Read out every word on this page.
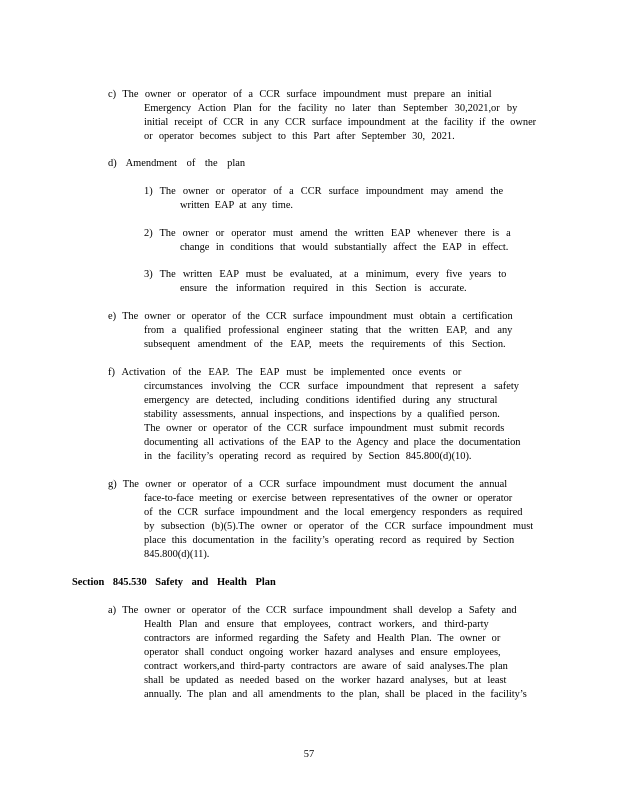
c) The owner or operator of a CCR surface impoundment must prepare an initial
Emergency Action Plan for the facility no later than September 30,2021,or by
initial receipt of CCR in any CCR surface impoundment at the facility if the owner
or operator becomes subject to this Part after September 30, 2021.
d) Amendment of the plan
1) The owner or operator of a CCR surface impoundment may amend the
written EAP at any time.
2) The owner or operator must amend the written EAP whenever there is a
change in conditions that would substantially affect the EAP in effect.
3) The written EAP must be evaluated, at a minimum, every five years to
ensure the information required in this Section is accurate.
e) The owner or operator of the CCR surface impoundment must obtain a certification
from a qualified professional engineer stating that the written EAP, and any
subsequent amendment of the EAP, meets the requirements of this Section.
f) Activation of the EAP. The EAP must be implemented once events or
circumstances involving the CCR surface impoundment that represent a safety
emergency are detected, including conditions identified during any structural
stability assessments, annual inspections, and inspections by a qualified person.
The owner or operator of the CCR surface impoundment must submit records
documenting all activations of the EAP to the Agency and place the documentation
in the facility’s operating record as required by Section 845.800(d)(10).
g) The owner or operator of a CCR surface impoundment must document the annual
face-to-face meeting or exercise between representatives of the owner or operator
of the CCR surface impoundment and the local emergency responders as required
by subsection (b)(5).The owner or operator of the CCR surface impoundment must
place this documentation in the facility’s operating record as required by Section
845.800(d)(11).
Section 845.530 Safety and Health Plan
a) The owner or operator of the CCR surface impoundment shall develop a Safety and
Health Plan and ensure that employees, contract workers, and third-party
contractors are informed regarding the Safety and Health Plan. The owner or
operator shall conduct ongoing worker hazard analyses and ensure employees,
contract workers,and third-party contractors are aware of said analyses.The plan
shall be updated as needed based on the worker hazard analyses, but at least
annually. The plan and all amendments to the plan, shall be placed in the facility’s
57
